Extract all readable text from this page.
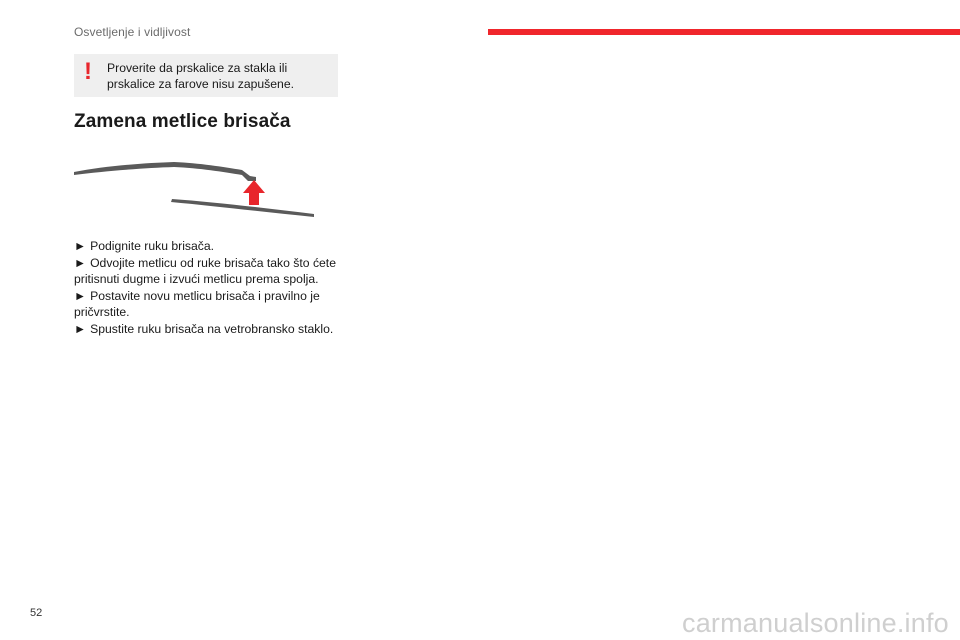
Osvetljenje i vidljivost
! Proverite da prskalice za stakla ili prskalice za farove nisu zapušene.
Zamena metlice brisača
► Podignite ruku brisača.
► Odvojite metlicu od ruke brisača tako što ćete pritisnuti dugme i izvući metlicu prema spolja.
► Postavite novu metlicu brisača i pravilno je pričvrstite.
► Spustite ruku brisača na vetrobransko staklo.
52	carmanualsonline.info
